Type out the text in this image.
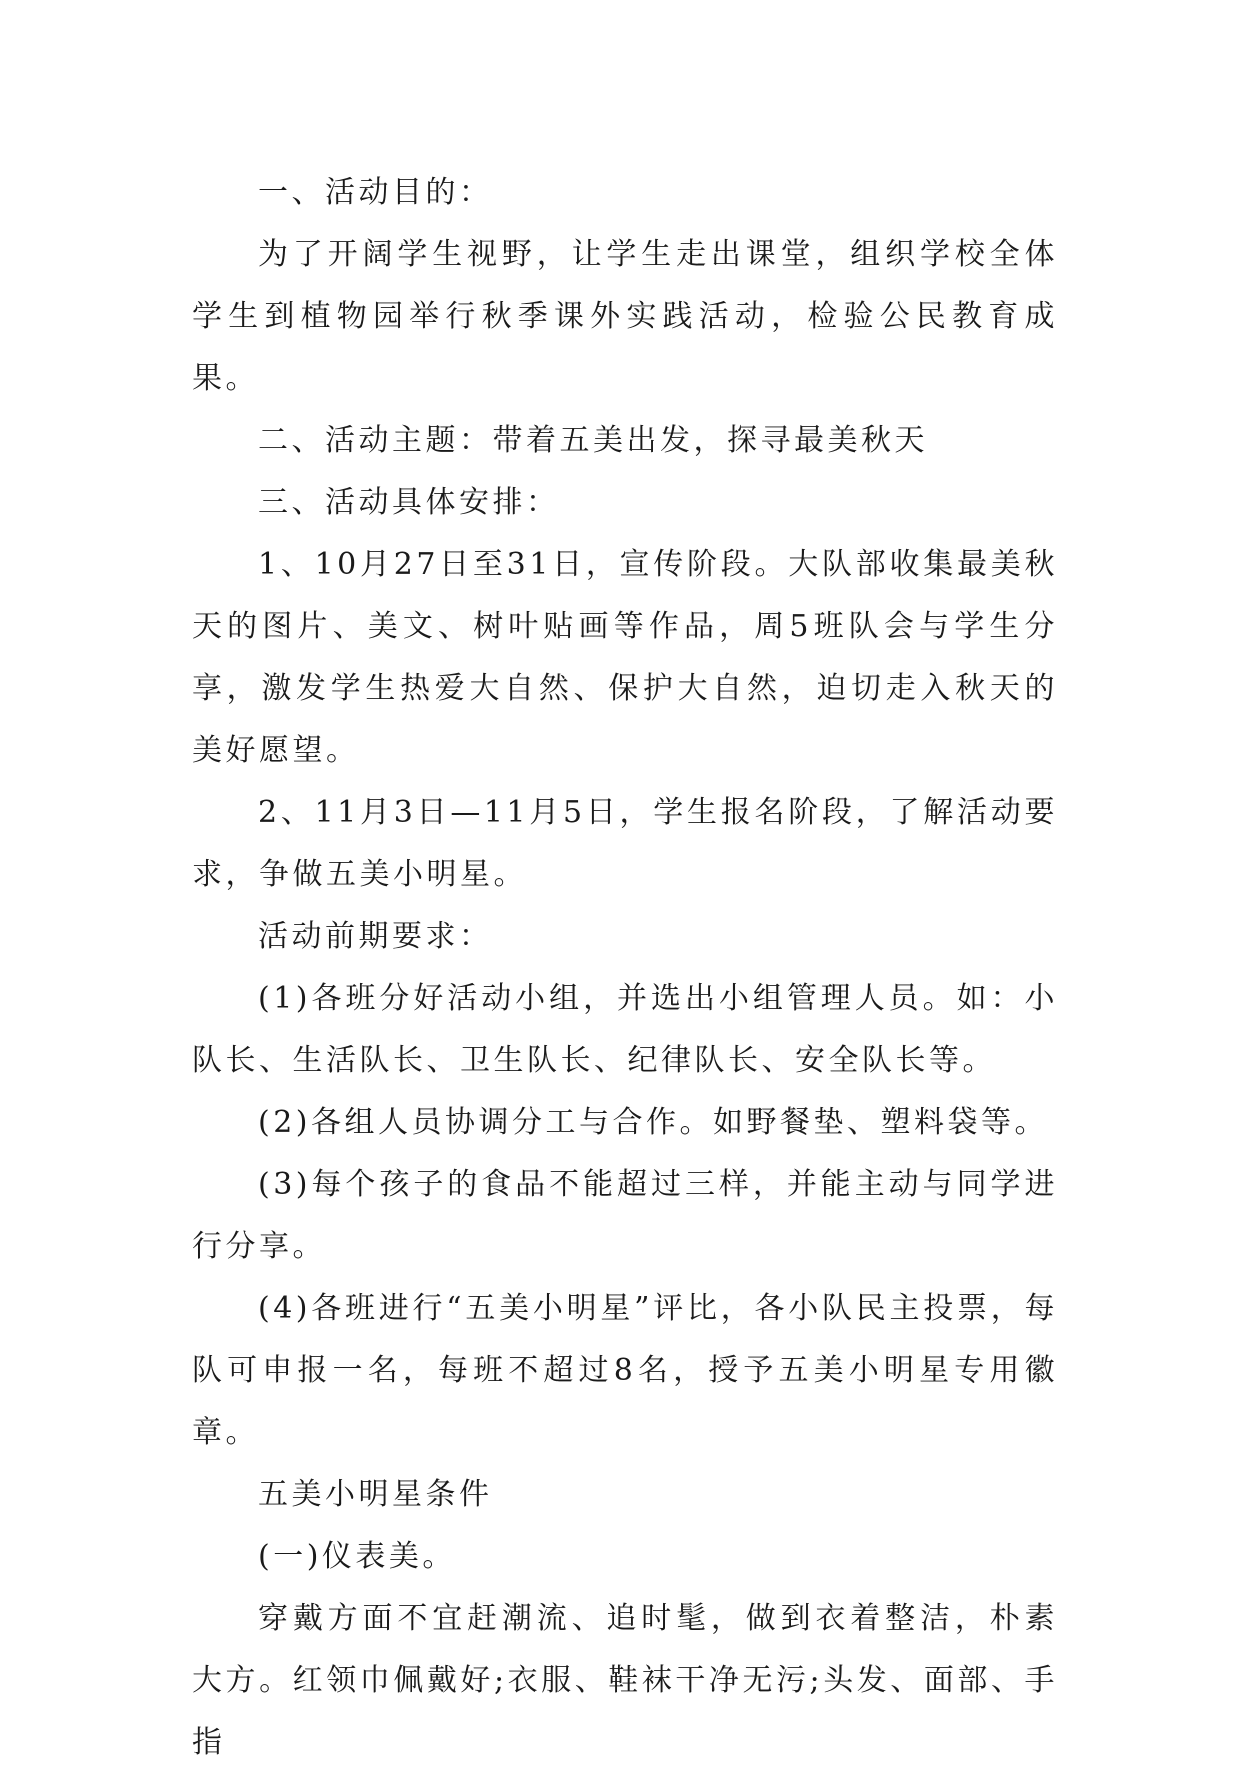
一、活动目的：

为了开阔学生视野，让学生走出课堂，组织学校全体学生到植物园举行秋季课外实践活动，检验公民教育成果。

二、活动主题：带着五美出发，探寻最美秋天

三、活动具体安排：

1、10月27日至31日，宣传阶段。大队部收集最美秋天的图片、美文、树叶贴画等作品，周5班队会与学生分享，激发学生热爱大自然、保护大自然，迫切走入秋天的美好愿望。

2、11月3日—11月5日，学生报名阶段，了解活动要求，争做五美小明星。

活动前期要求：

(1)各班分好活动小组，并选出小组管理人员。如：小队长、生活队长、卫生队长、纪律队长、安全队长等。

(2)各组人员协调分工与合作。如野餐垫、塑料袋等。

(3)每个孩子的食品不能超过三样，并能主动与同学进行分享。

(4)各班进行“五美小明星”评比，各小队民主投票，每队可申报一名，每班不超过8名，授予五美小明星专用徽章。

五美小明星条件

(一)仪表美。

穿戴方面不宜赶潮流、追时髦，做到衣着整洁，朴素大方。红领巾佩戴好;衣服、鞋袜干净无污;头发、面部、手指
